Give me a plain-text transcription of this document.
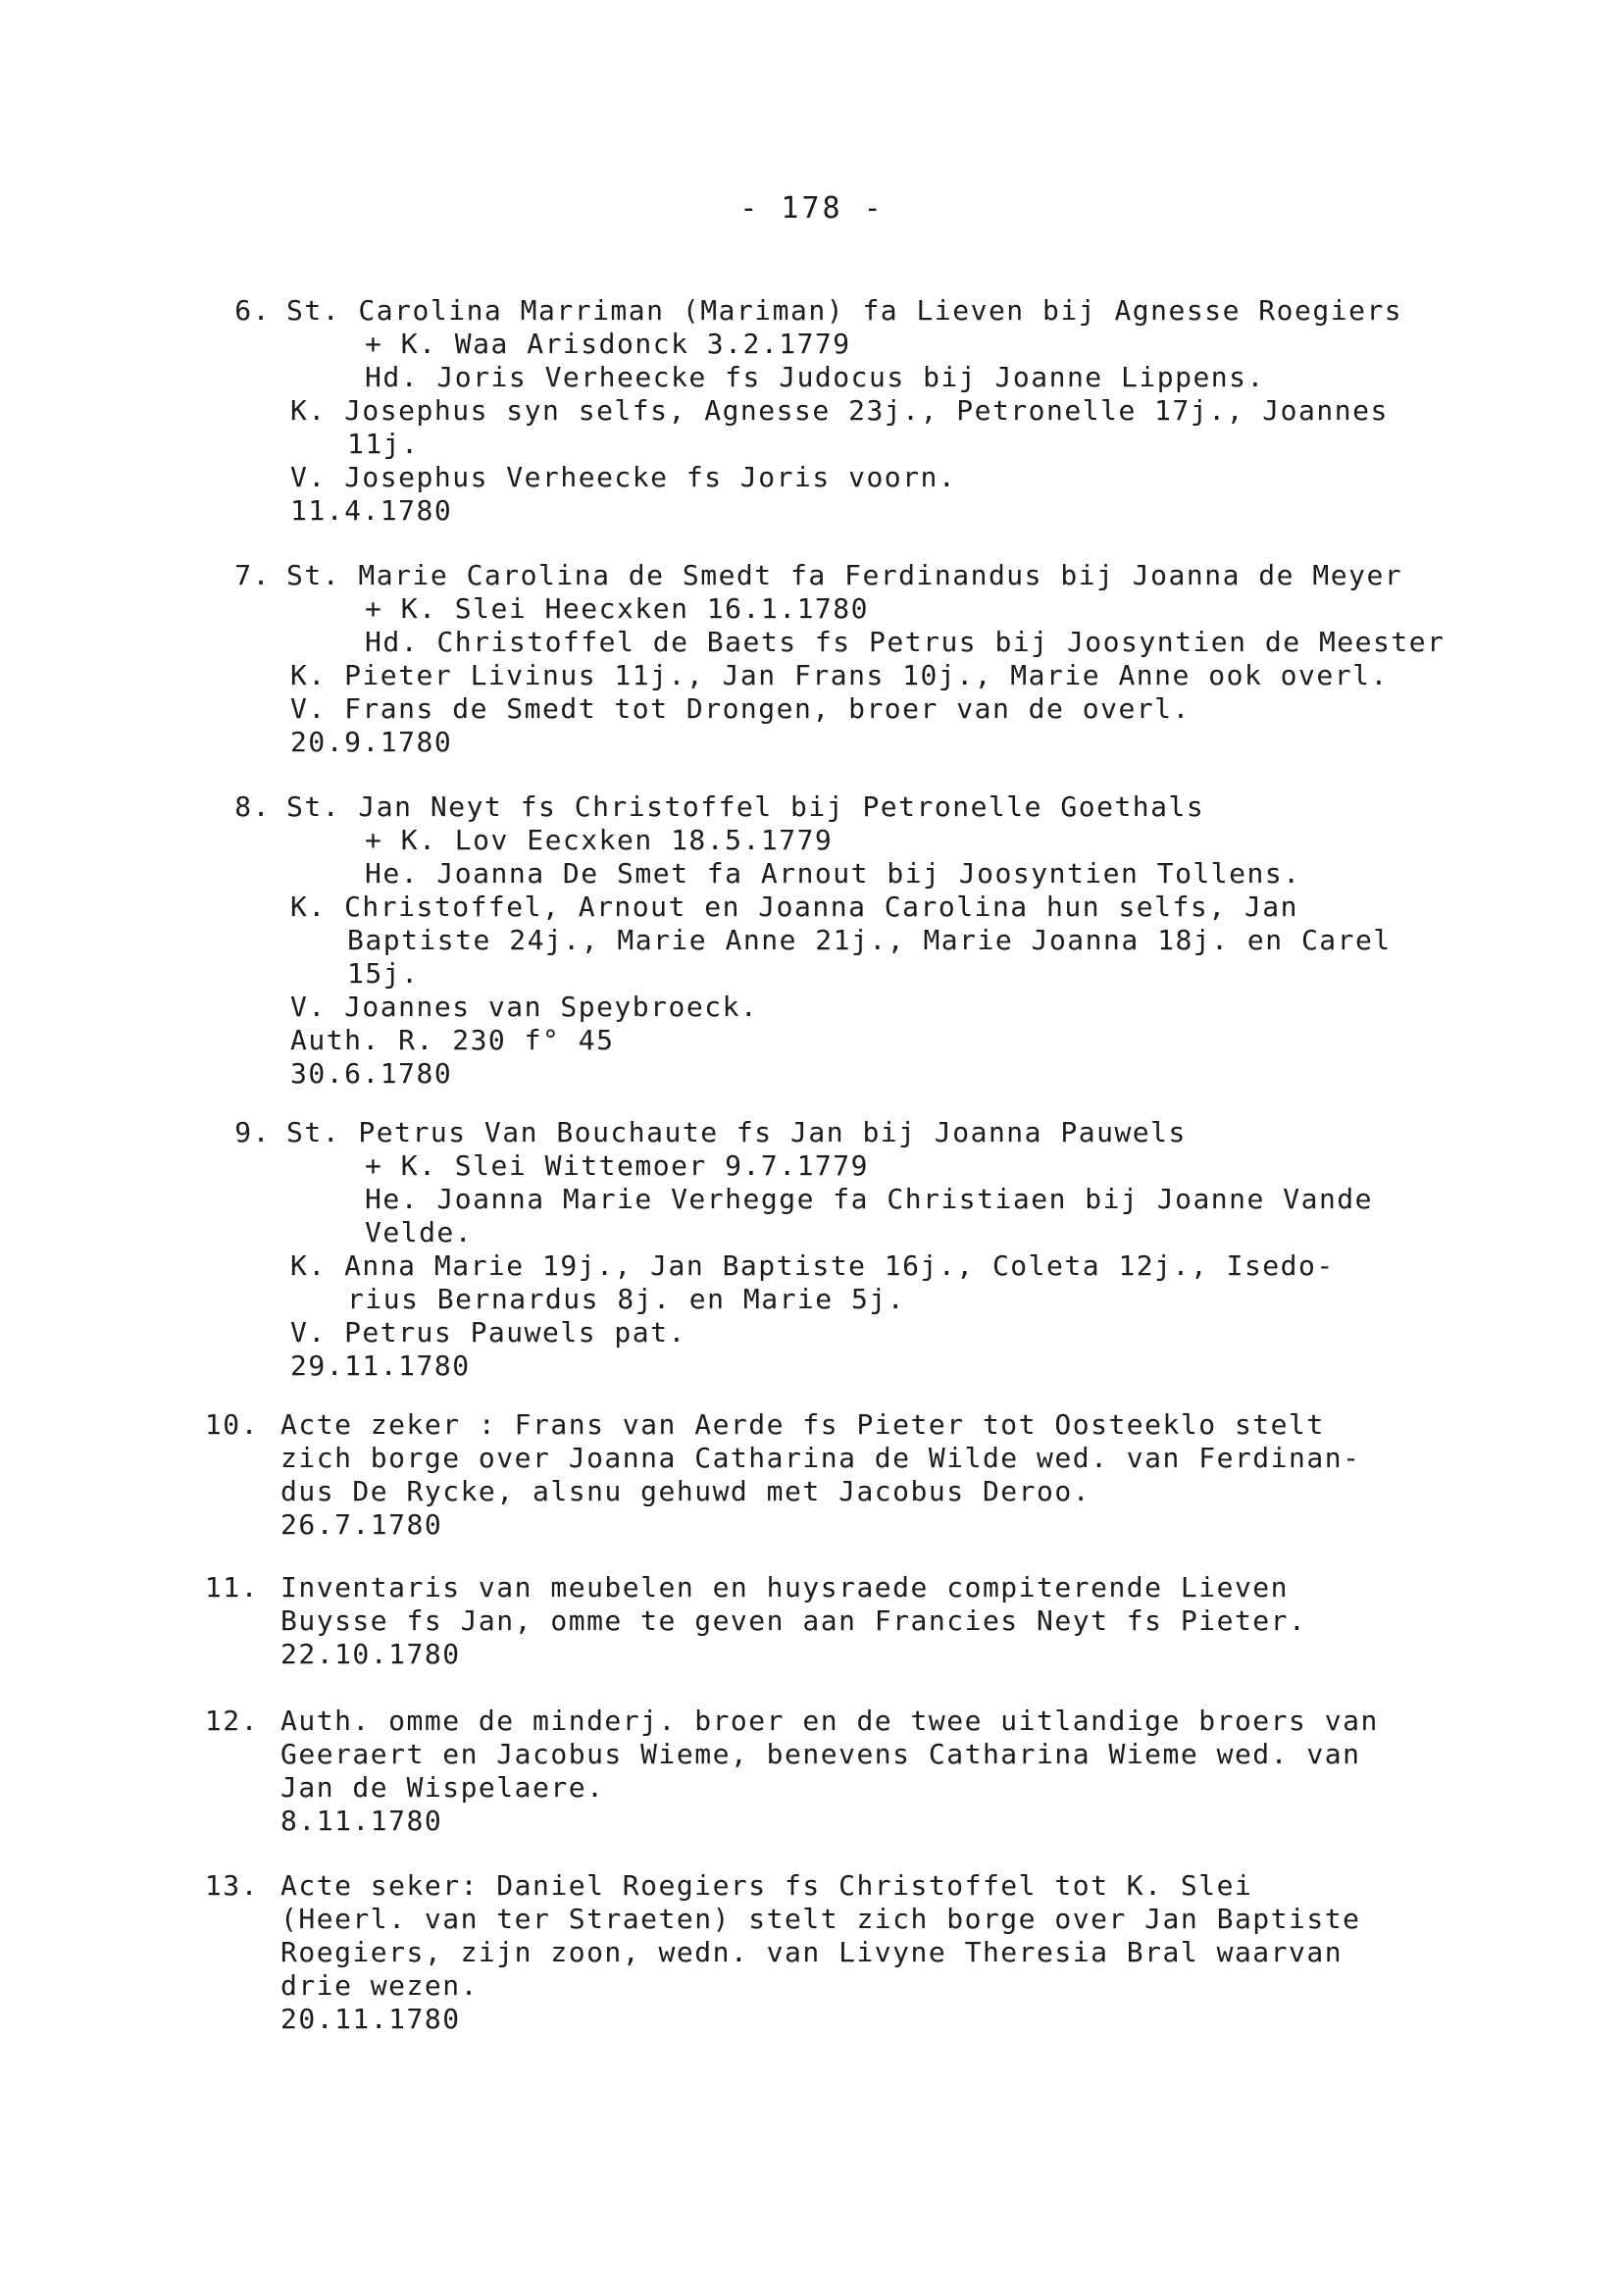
- 178 -
6. St. Carolina Marriman (Mariman) fa Lieven bij Agnesse Roegiers
+ K. Waa Arisdonck 3.2.1779
Hd. Joris Verheecke fs Judocus bij Joanne Lippens.
K. Josephus syn selfs, Agnesse 23j., Petronelle 17j., Joannes
11j.
V. Josephus Verheecke fs Joris voorn.
11.4.1780
7. St. Marie Carolina de Smedt fa Ferdinandus bij Joanna de Meyer
+ K. Slei Heecxken 16.1.1780
Hd. Christoffel de Baets fs Petrus bij Joosyntien de Meester
K. Pieter Livinus 11j., Jan Frans 10j., Marie Anne ook overl.
V. Frans de Smedt tot Drongen, broer van de overl.
20.9.1780
8. St. Jan Neyt fs Christoffel bij Petronelle Goethals
+ K. Lov Eecxken 18.5.1779
He. Joanna De Smet fa Arnout bij Joosyntien Tollens.
K. Christoffel, Arnout en Joanna Carolina hun selfs, Jan
Baptiste 24j., Marie Anne 21j., Marie Joanna 18j. en Carel
15j.
V. Joannes van Speybroeck.
Auth. R. 230 f° 45
30.6.1780
9. St. Petrus Van Bouchaute fs Jan bij Joanna Pauwels
+ K. Slei Wittemoer 9.7.1779
He. Joanna Marie Verhegge fa Christiaen bij Joanne Vande
Velde.
K. Anna Marie 19j., Jan Baptiste 16j., Coleta 12j., Isedo-
rius Bernardus 8j. en Marie 5j.
V. Petrus Pauwels pat.
29.11.1780
10. Acte zeker : Frans van Aerde fs Pieter tot Oosteeklo stelt
zich borge over Joanna Catharina de Wilde wed. van Ferdinan-
dus De Rycke, alsnu gehuwd met Jacobus Deroo.
26.7.1780
11. Inventaris van meubelen en huysraede compiterende Lieven
Buysse fs Jan, omme te geven aan Francies Neyt fs Pieter.
22.10.1780
12. Auth. omme de minderj. broer en de twee uitlandige broers van
Geeraert en Jacobus Wieme, benevens Catharina Wieme wed. van
Jan de Wispelaere.
8.11.1780
13. Acte seker: Daniel Roegiers fs Christoffel tot K. Slei
(Heerl. van ter Straeten) stelt zich borge over Jan Baptiste
Roegiers, zijn zoon, wedn. van Livyne Theresia Bral waarvan
drie wezen.
20.11.1780
